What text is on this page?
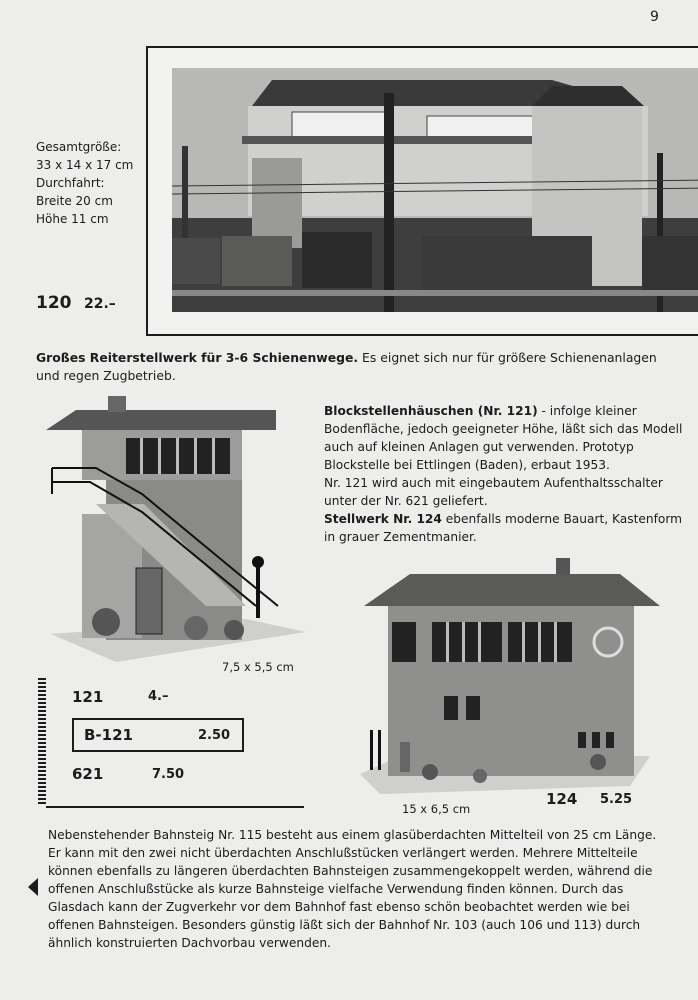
9
Gesamtgröße:
33 x 14 x 17 cm
Durchfahrt:
Breite 20 cm
Höhe 11 cm
120 22.–
Großes Reiterstellwerk für 3-6 Schienenwege. Es eignet sich nur für größere Schienenanlagen und regen Zugbetrieb.
7,5 x 5,5 cm
121	4.–
B-121	2.50
621	7.50
Blockstellenhäuschen (Nr. 121) - infolge kleiner Bodenfläche, jedoch geeigneter Höhe, läßt sich das Modell auch auf kleinen Anlagen gut verwenden. Prototyp Blockstelle bei Ettlingen (Baden), erbaut 1953.
Nr. 121 wird auch mit eingebautem Aufenthaltsschalter unter der Nr. 621 geliefert.
Stellwerk Nr. 124 ebenfalls moderne Bauart, Kastenform in grauer Zementmanier.
15 x 6,5 cm
124 5.25
Nebenstehender Bahnsteig Nr. 115 besteht aus einem glasüberdachten Mittelteil von 25 cm Länge. Er kann mit den zwei nicht überdachten Anschlußstücken verlängert werden. Mehrere Mittelteile können ebenfalls zu längeren überdachten Bahnsteigen zusammengekoppelt werden, während die offenen Anschlußstücke als kurze Bahnsteige vielfache Verwendung finden können. Durch das Glasdach kann der Zugverkehr vor dem Bahnhof fast ebenso schön beobachtet werden wie bei offenen Bahnsteigen. Besonders günstig läßt sich der Bahnhof Nr. 103 (auch 106 und 113) durch ähnlich konstruierten Dachvorbau verwenden.
